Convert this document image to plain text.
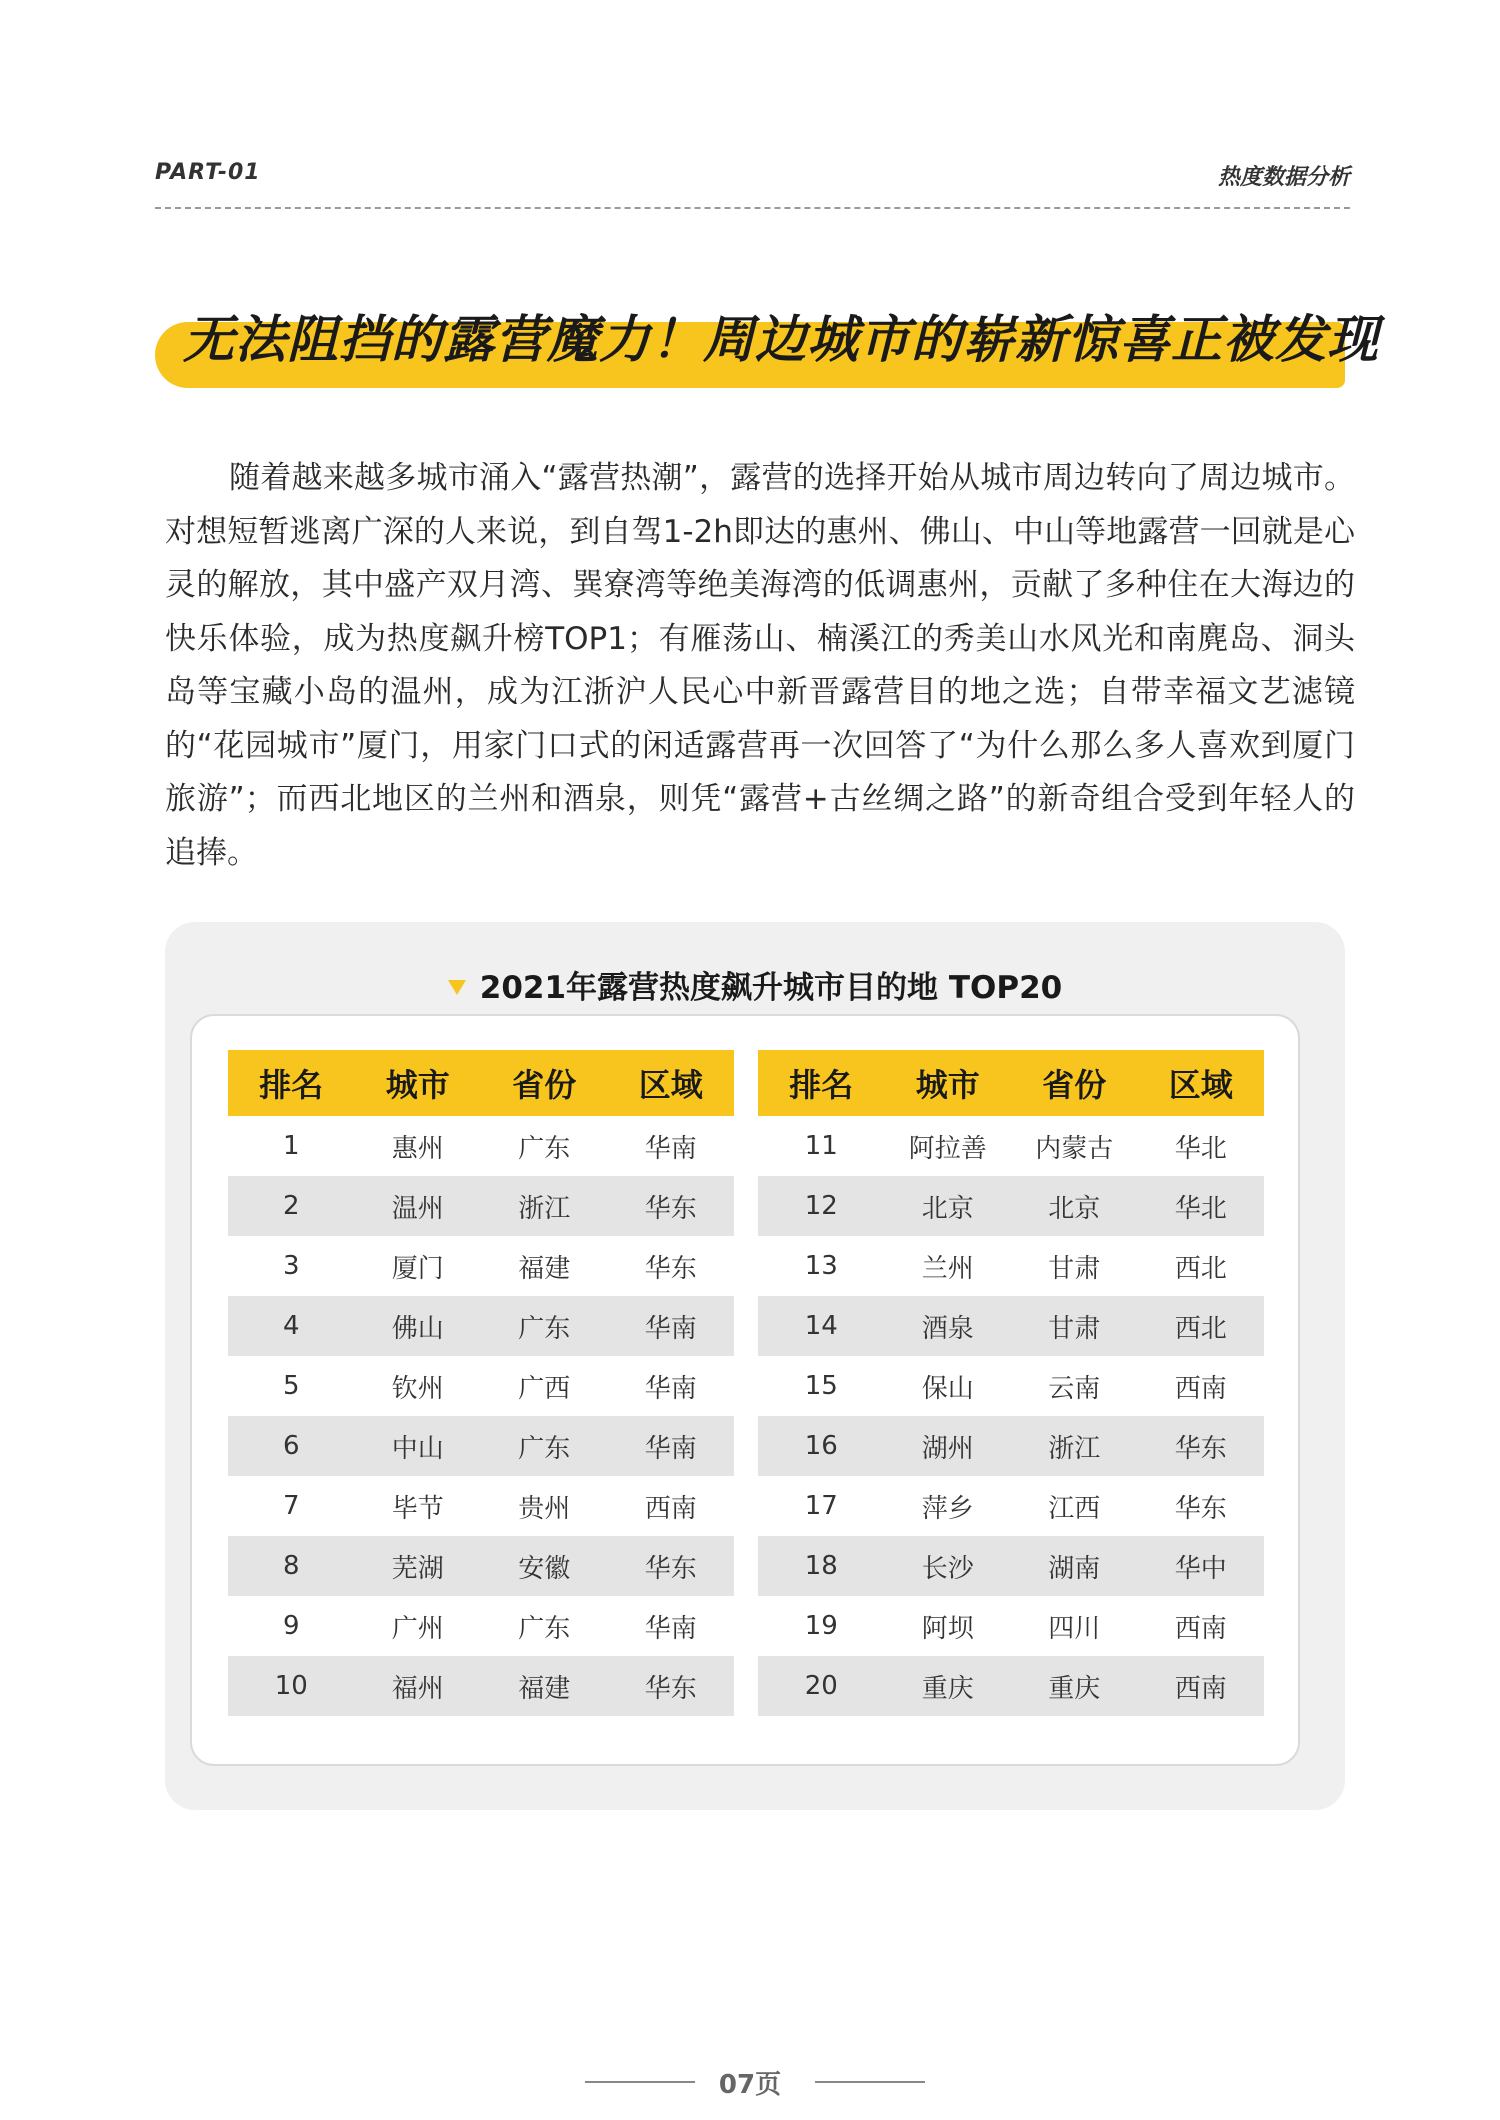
PART-01	热度数据分析
无法阻挡的露营魔力！周边城市的崭新惊喜正被发现

随着越来越多城市涌入“露营热潮”，露营的选择开始从城市周边转向了周边城市。对想短暂逃离广深的人来说，到自驾1-2h即达的惠州、佛山、中山等地露营一回就是心灵的解放，其中盛产双月湾、巽寮湾等绝美海湾的低调惠州，贡献了多种住在大海边的快乐体验，成为热度飙升榜TOP1；有雁荡山、楠溪江的秀美山水风光和南麂岛、洞头岛等宝藏小岛的温州，成为江浙沪人民心中新晋露营目的地之选；自带幸福文艺滤镜的“花园城市”厦门，用家门口式的闲适露营再一次回答了“为什么那么多人喜欢到厦门旅游”；而西北地区的兰州和酒泉，则凭“露营+古丝绸之路”的新奇组合受到年轻人的追捧。

2021年露营热度飙升城市目的地 TOP20
排名	城市	省份	区域
1	惠州	广东	华南
2	温州	浙江	华东
3	厦门	福建	华东
4	佛山	广东	华南
5	钦州	广西	华南
6	中山	广东	华南
7	毕节	贵州	西南
8	芜湖	安徽	华东
9	广州	广东	华南
10	福州	福建	华东
排名	城市	省份	区域
11	阿拉善	内蒙古	华北
12	北京	北京	华北
13	兰州	甘肃	西北
14	酒泉	甘肃	西北
15	保山	云南	西南
16	湖州	浙江	华东
17	萍乡	江西	华东
18	长沙	湖南	华中
19	阿坝	四川	西南
20	重庆	重庆	西南
07页
